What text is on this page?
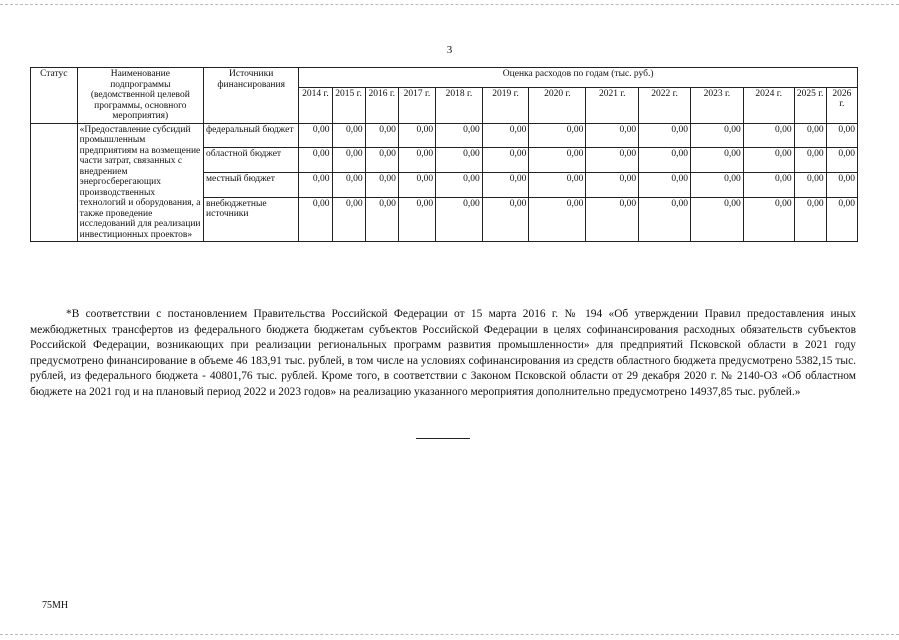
3
Статус	Наименование подпрограммы (ведомственной целевой программы, основного мероприятия)	Источники финансирования	Оценка расходов по годам (тыс. руб.)												
			2014 г.	2015 г.	2016 г.	2017 г.	2018 г.	2019 г.	2020 г.	2021 г.	2022 г.	2023 г.	2024 г.	2025 г.	2026 г.
	«Предоставление субсидий промышленным предприятиям на возмещение части затрат, связанных с внедрением энергосберегающих производственных технологий и оборудования, а также проведение исследований для реализации инвестиционных проектов»	федеральный бюджет	0,00	0,00	0,00	0,00	0,00	0,00	0,00	0,00	0,00	0,00	0,00	0,00	0,00
		областной бюджет	0,00	0,00	0,00	0,00	0,00	0,00	0,00	0,00	0,00	0,00	0,00	0,00	0,00
		местный бюджет	0,00	0,00	0,00	0,00	0,00	0,00	0,00	0,00	0,00	0,00	0,00	0,00	0,00
		внебюджетные источники	0,00	0,00	0,00	0,00	0,00	0,00	0,00	0,00	0,00	0,00	0,00	0,00	0,00

*В соответствии с постановлением Правительства Российской Федерации от 15 марта 2016 г. № 194 «Об утверждении Правил предоставления иных межбюджетных трансфертов из федерального бюджета бюджетам субъектов Российской Федерации в целях софинансирования расходных обязательств субъектов Российской Федерации, возникающих при реализации региональных программ развития промышленности» для предприятий Псковской области в 2021 году предусмотрено финансирование в объеме 46 183,91 тыс. рублей, в том числе на условиях софинансирования из средств областного бюджета предусмотрено 5382,15 тыс. рублей, из федерального бюджета - 40801,76 тыс. рублей. Кроме того, в соответствии с Законом Псковской области от 29 декабря 2020 г. № 2140-ОЗ «Об областном бюджете на 2021 год и на плановый период 2022 и 2023 годов» на реализацию указанного мероприятия дополнительно предусмотрено 14937,85 тыс. рублей.»

75МН
